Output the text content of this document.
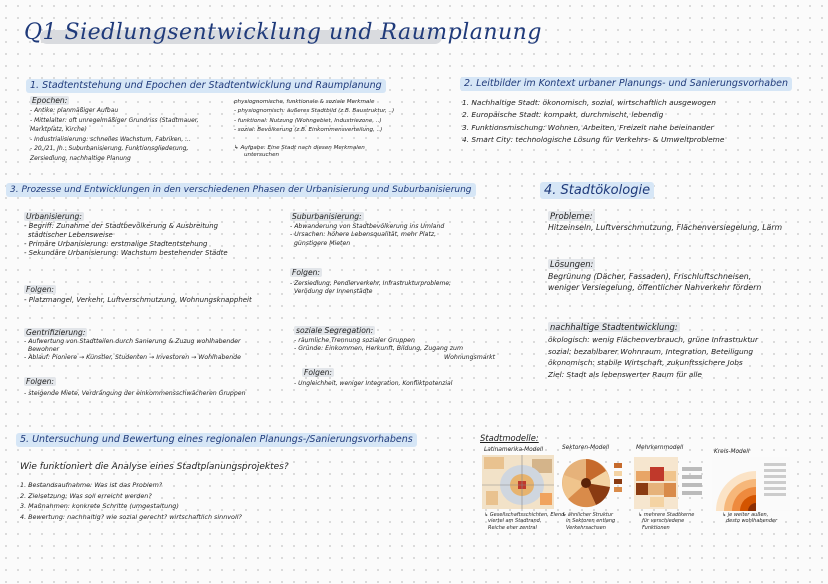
Q1 Siedlungsentwicklung und Raumplanung
1. Stadtentstehung und Epochen der Stadtentwicklung und Raumplanung
Epochen:
- Antike: planmäßiger Aufbau
- Mittelalter: oft unregelmäßiger Grundriss (Stadtmauer,
Marktplatz, Kirche)
- Industrialisierung: schnelles Wachstum, Fabriken, ...
- 20./21. Jh.: Suburbanisierung, Funktionsgliederung,
Zersiedlung, nachhaltige Planung
physiognomische, funktionale & soziale Merkmale
- physiognomisch: äußeres Stadtbild (z.B. Baustruktur, ..)
- funktional: Nutzung (Wohngebiet, Industriezone, ..)
- sozial: Bevölkerung (z.B. Einkommensverteilung, ..)
↳ Aufgabe: Eine Stadt nach diesen Merkmalen
untersuchen
2. Leitbilder im Kontext urbaner Planungs- und Sanierungsvorhaben
1. Nachhaltige Stadt: ökonomisch, sozial, wirtschaftlich ausgewogen
2. Europäische Stadt: kompakt, durchmischt, lebendig
3. Funktionsmischung: Wohnen, Arbeiten, Freizeit nahe beieinander
4. Smart City: technologische Lösung für Verkehrs- & Umweltprobleme
3. Prozesse und Entwicklungen in den verschiedenen Phasen der Urbanisierung und Suburbanisierung
Urbanisierung:
- Begriff: Zunahme der Stadtbevölkerung & Ausbreitung
städtischer Lebensweise
- Primäre Urbanisierung: erstmalige Stadtentstehung
- Sekundäre Urbanisierung: Wachstum bestehender Städte
Folgen:
- Platzmangel, Verkehr, Luftverschmutzung, Wohnungsknappheit
Gentrifizierung:
- Aufwertung von Stadtteilen durch Sanierung & Zuzug wohlhabender
Bewohner
- Ablauf: Pioniere → Künstler, Studenten → Investoren → Wohlhabende
Folgen:
- steigende Miete, Verdrängung der einkommensschwächeren Gruppen
Suburbanisierung:
- Abwanderung von Stadtbevölkerung ins Umland
- Ursachen: höhere Lebensqualität, mehr Platz,
günstigere Mieten
Folgen:
- Zersiedlung, Pendlerverkehr, Infrastrukturprobleme,
Verödung der Innenstädte
soziale Segregation:
- räumliche Trennung sozialer Gruppen
- Gründe: Einkommen, Herkunft, Bildung, Zugang zum
Wohnungsmarkt
Folgen:
- Ungleichheit, weniger Integration, Konfliktpotenzial
4. Stadtökologie
Probleme:
Hitzeinseln, Luftverschmutzung, Flächenversiegelung, Lärm
Lösungen:
Begrünung (Dächer, Fassaden), Frischluftschneisen,
weniger Versiegelung, öffentlicher Nahverkehr fördern
nachhaltige Stadtentwicklung:
ökologisch: wenig Flächenverbrauch, grüne Infrastruktur
sozial: bezahlbarer Wohnraum, Integration, Beteiligung
ökonomisch: stabile Wirtschaft, zukunftssichere Jobs
Ziel: Stadt als lebenswerter Raum für alle
5. Untersuchung und Bewertung eines regionalen Planungs-/Sanierungsvorhabens
Wie funktioniert die Analyse eines Stadtplanungsprojektes?
1. Bestandsaufnahme: Was ist das Problem?
2. Zielsetzung: Was soll erreicht werden?
3. Maßnahmen: konkrete Schritte (umgestaltung)
4. Bewertung: nachhaltig? wie sozial gerecht? wirtschaftlich sinnvoll?
Stadtmodelle:
Latinamerika-Modell
↳ Gesellschaftsschichten, Elend-
viertel am Stadtrand,
Reiche eher zentral
Sektoren-Modell
↳ ähnlicher Struktur
in Sektoren entlang
Verkehrsachsen
Mehrkernmodell
↳ mehrere Stadtkerne
für verschiedene
Funktionen
Kreis-Modell
↳ je weiter außen,
desto wohlhabender
